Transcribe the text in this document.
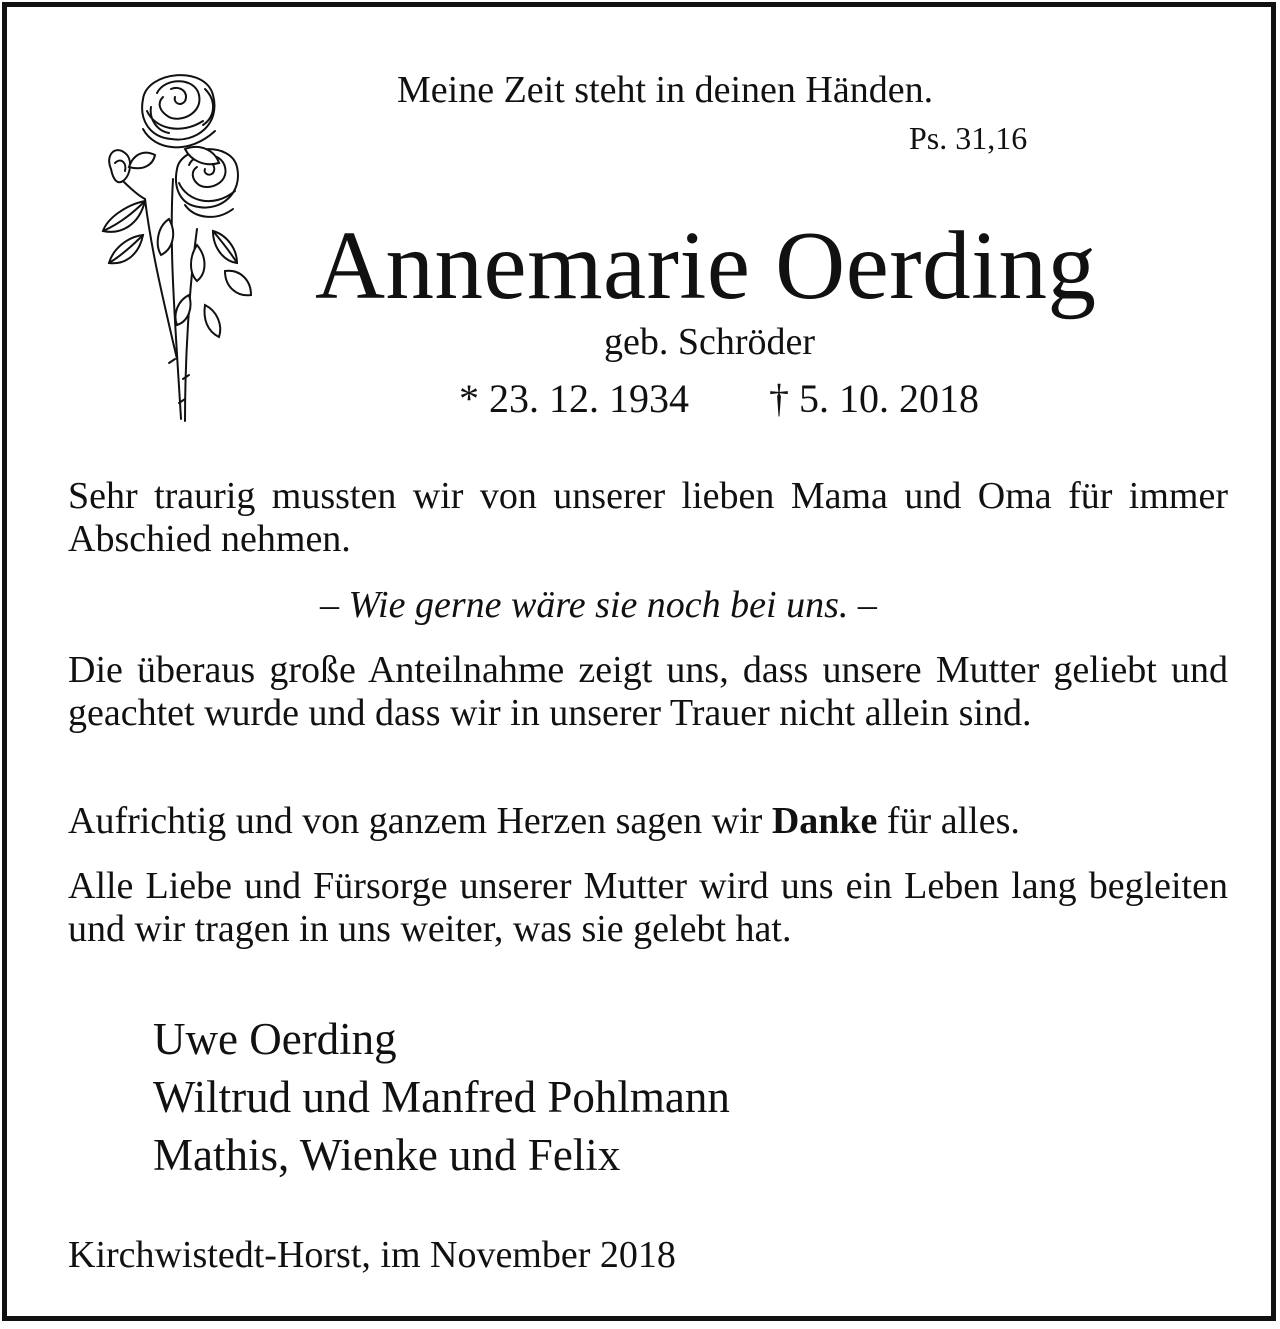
Meine Zeit steht in deinen Händen.
Ps. 31,16
Annemarie Oerding
geb. Schröder
* 23. 12. 1934 † 5. 10. 2018
Sehr traurig mussten wir von unserer lieben Mama und Oma für immer Abschied nehmen.
– Wie gerne wäre sie noch bei uns. –
Die überaus große Anteilnahme zeigt uns, dass unsere Mutter geliebt und geachtet wurde und dass wir in unserer Trauer nicht allein sind.
Aufrichtig und von ganzem Herzen sagen wir Danke für alles.
Alle Liebe und Fürsorge unserer Mutter wird uns ein Leben lang begleiten und wir tragen in uns weiter, was sie gelebt hat.
Uwe Oerding
Wiltrud und Manfred Pohlmann
Mathis, Wienke und Felix
Kirchwistedt-Horst, im November 2018
